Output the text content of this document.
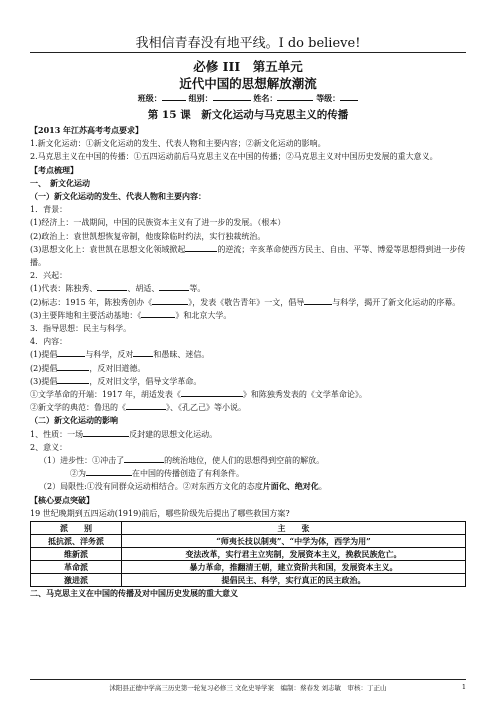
我相信青春没有地平线。I do believe!
必修 III　第五单元
近代中国的思想解放潮流
班级：	组别：	姓名：	等级：
第 15 课　新文化运动与马克思主义的传播
【2013 年江苏高考考点要求】
1.新文化运动：①新文化运动的发生、代表人物和主要内容；②新文化运动的影响。
2.马克思主义在中国的传播：①五四运动前后马克思主义在中国的传播；②马克思主义对中国历史发展的重大意义。
【考点梳理】
一、　新文化运动
（一）新文化运动的发生、代表人物和主要内容：
1．背景：
(1)经济上：一战期间，中国的民族资本主义有了进一步的发展。（根本）
(2)政治上：袁世凯想恢复帝制，他废除临时约法，实行独裁统治。
(3)思想文化上：袁世凯在思想文化领域掀起	的逆流；辛亥革命使西方民主、自由、平等、博爱等思想得到进一步传播。
2．兴起：
(1)代表：陈独秀、	、胡适、	等。
(2)标志：1915 年，陈独秀创办《	》，发表《敬告青年》一文，倡导	与科学，揭开了新文化运动的序幕。
(3)主要阵地和主要活动基地：《	》和北京大学。
3．指导思想：民主与科学。
4．内容：
(1)提倡	与科学，反对	和愚昧、迷信。
(2)提倡	，反对旧道德。
(3)提倡	，反对旧文学，倡导文学革命。
①文学革命的开端：1917 年，胡适发表《	》和陈独秀发表的《文学革命论》。
②新文学的典范：鲁迅的《	》、《孔乙己》等小说。
（二）新文化运动的影响
1、性质：一场	反封建的思想文化运动。
2、意义：
（1）进步性：①冲击了	的统治地位，使人们的思想得到空前的解放。
②为	在中国的传播创造了有利条件。
（2）局限性:①没有同群众运动相结合。②对东西方文化的态度片面化、绝对化。
【核心要点突破】
19 世纪晚期到五四运动(1919)前后，哪些阶级先后提出了哪些救国方案?
派　　别	主　　张
抵抗派、洋务派	“师夷长技以制夷”、“中学为体，西学为用”
维新派	变法改革，实行君主立宪制，发展资本主义，挽救民族危亡。
革命派	暴力革命，推翻清王朝，建立资阶共和国，发展资本主义。
激进派	提倡民主、科学，实行真正的民主政治。
二、马克思主义在中国的传播及对中国历史发展的重大意义
沭阳县正德中学高三历史第一轮复习必修三 文化史导学案　编制：蔡春发 刘志敏　审核：丁正山	1
